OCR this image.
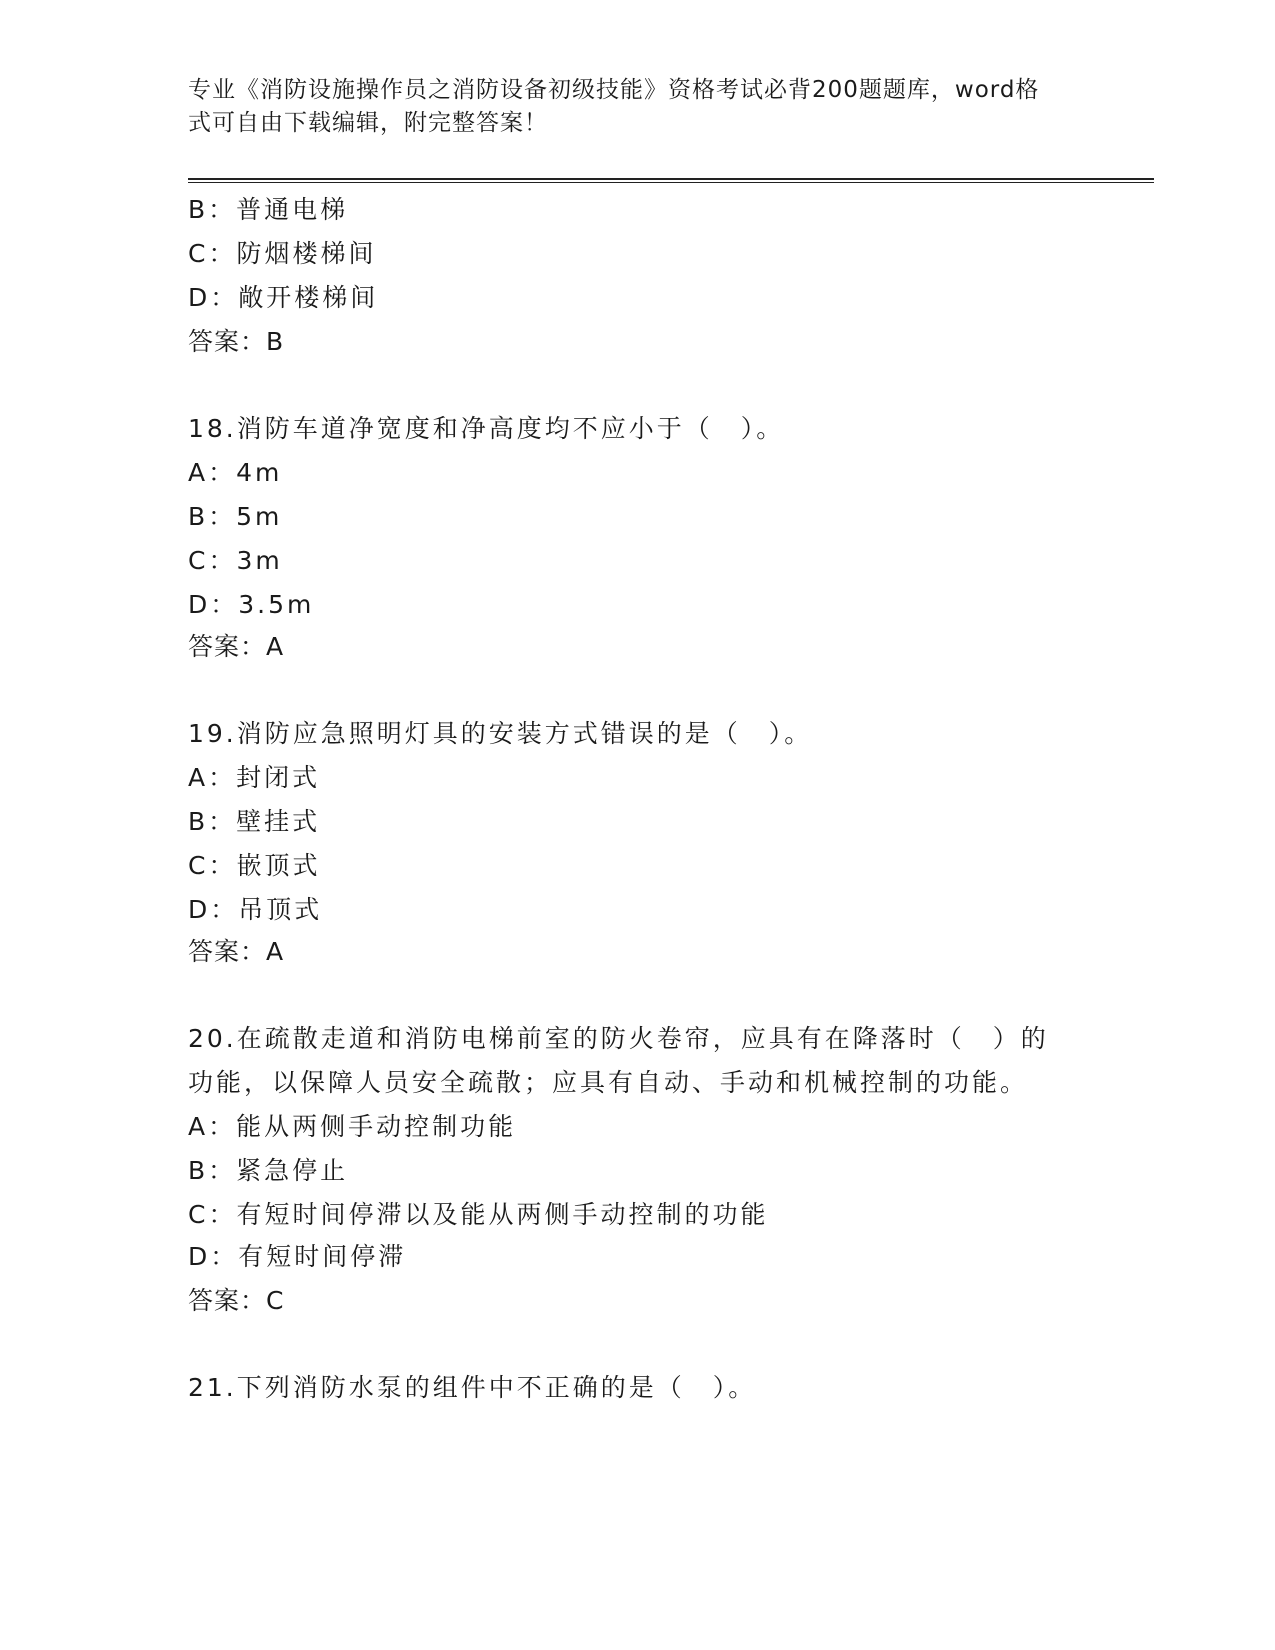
专业《消防设施操作员之消防设备初级技能》资格考试必背200题题库，word格
式可自由下载编辑，附完整答案！
B：普通电梯
C：防烟楼梯间
D：敞开楼梯间
答案：B
18.消防车道净宽度和净高度均不应小于（　）。
A：4m
B：5m
C：3m
D：3.5m
答案：A
19.消防应急照明灯具的安装方式错误的是（　）。
A：封闭式
B：壁挂式
C：嵌顶式
D：吊顶式
答案：A
20.在疏散走道和消防电梯前室的防火卷帘，应具有在降落时（　）的
功能，以保障人员安全疏散；应具有自动、手动和机械控制的功能。
A：能从两侧手动控制功能
B：紧急停止
C：有短时间停滞以及能从两侧手动控制的功能
D：有短时间停滞
答案：C
21.下列消防水泵的组件中不正确的是（　）。
